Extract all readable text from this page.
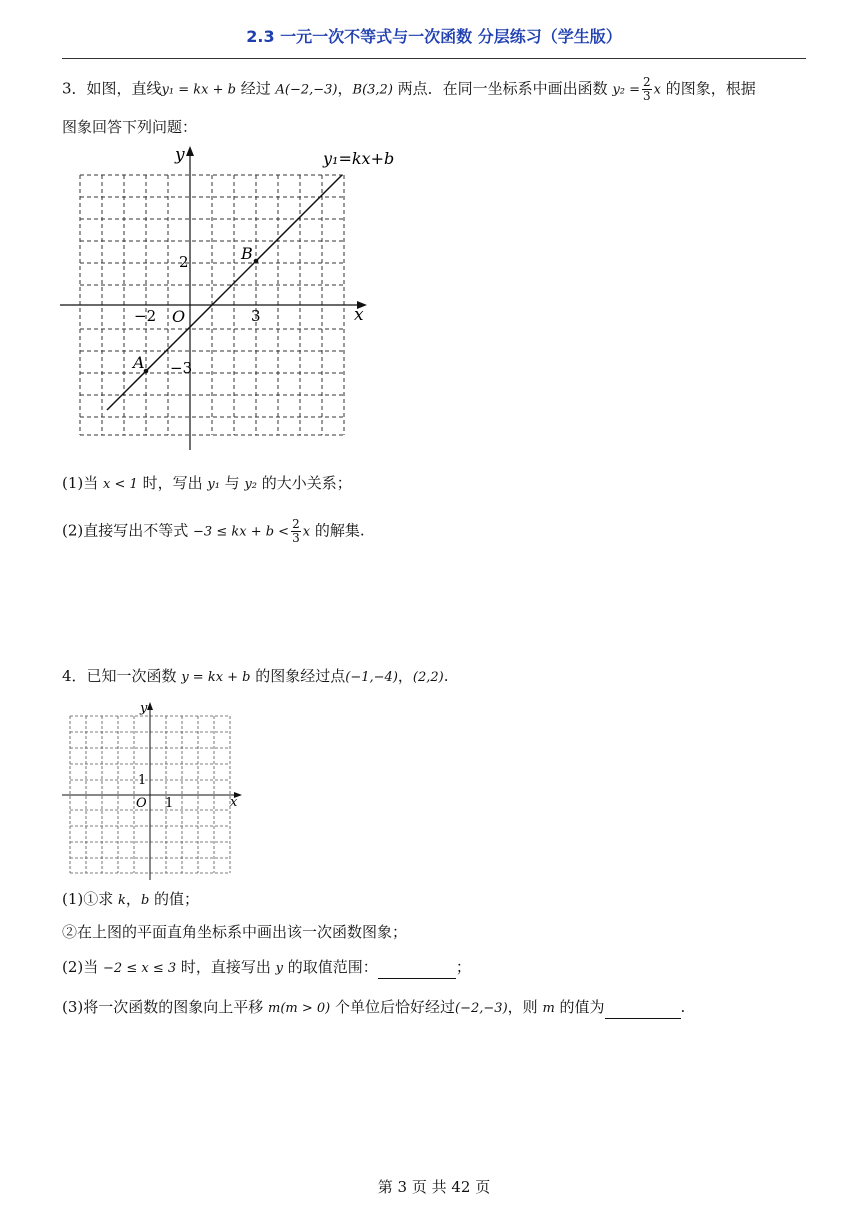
2.3 一元一次不等式与一次函数 分层练习（学生版）
3．如图，直线y₁ = kx + b 经过 A(−2,−3)，B(3,2) 两点．在同一坐标系中画出函数 $y_2 = \frac{2}{3}$ x 的图象，根据
图象回答下列问题：
y
x
y₁=kx+b
O
A
B
−2	3
2
−3
(1)当 x < 1 时，写出 y₁ 与 y₂ 的大小关系；
(2)直接写出不等式 −3 ≤ kx + $b < \frac{2}{3}$ x 的解集.
4．已知一次函数 y = kx + b 的图象经过点(−1,−4)，(2,2).
y
x
O 1
1
(1)①求 k，b 的值；
②在上图的平面直角坐标系中画出该一次函数图象；
(2)当 −2 ≤ x ≤ 3 时，直接写出 y 的取值范围：	；
(3)将一次函数的图象向上平移 m(m > 0) 个单位后恰好经过(−2,−3)，则 m 的值为	.
第 3 页 共 42 页
